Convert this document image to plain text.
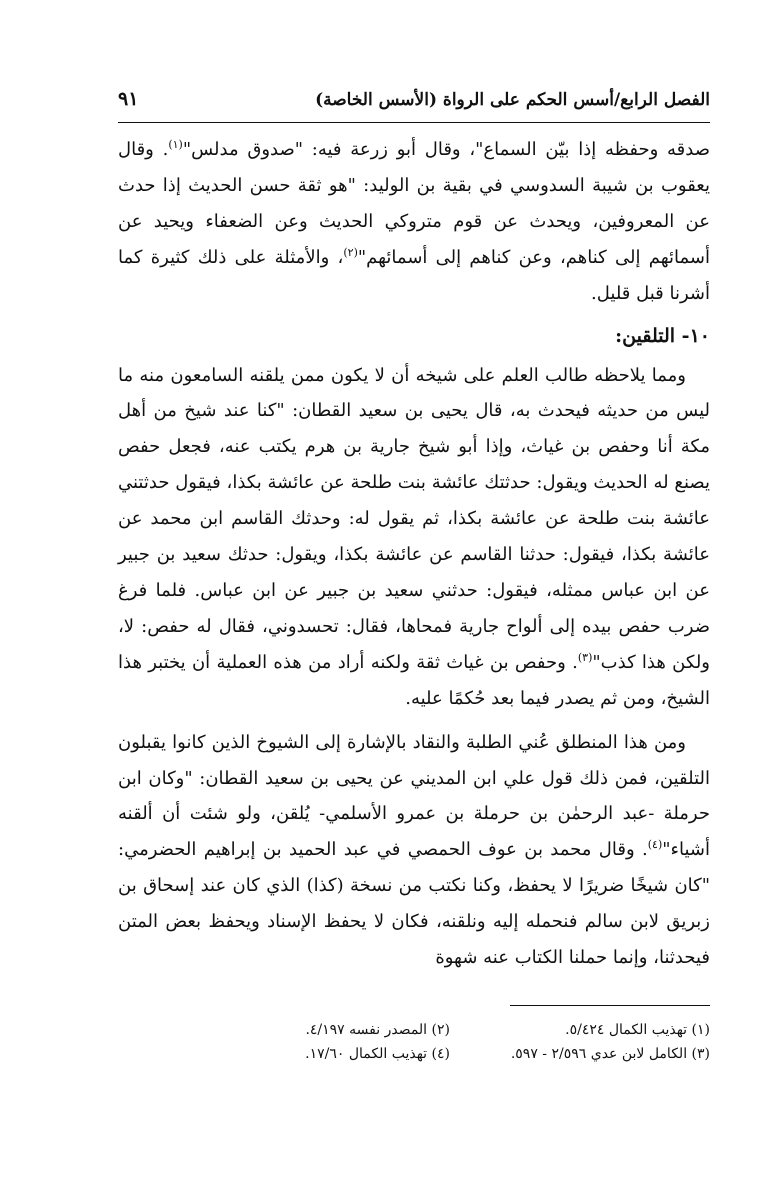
الفصل الرابع/أسس الحكم على الرواة (الأسس الخاصة)
٩١

صدقه وحفظه إذا بيّن السماع"، وقال أبو زرعة فيه: "صدوق مدلس"$^{(١)}$. وقال يعقوب بن شيبة السدوسي في بقية بن الوليد: "هو ثقة حسن الحديث إذا حدث عن المعروفين، ويحدث عن قوم متروكي الحديث وعن الضعفاء ويحيد عن أسمائهم إلى كناهم، وعن كناهم إلى أسمائهم"$^{(٢)}$، والأمثلة على ذلك كثيرة كما أشرنا قبل قليل.

١٠- التلقين:

ومما يلاحظه طالب العلم على شيخه أن لا يكون ممن يلقنه السامعون منه ما ليس من حديثه فيحدث به، قال يحيى بن سعيد القطان: "كنا عند شيخ من أهل مكة أنا وحفص بن غياث، وإذا أبو شيخ جارية بن هرم يكتب عنه، فجعل حفص يصنع له الحديث ويقول: حدثتك عائشة بنت طلحة عن عائشة بكذا، فيقول حدثتني عائشة بنت طلحة عن عائشة بكذا، ثم يقول له: وحدثك القاسم ابن محمد عن عائشة بكذا، فيقول: حدثنا القاسم عن عائشة بكذا، ويقول: حدثك سعيد بن جبير عن ابن عباس ممثله، فيقول: حدثني سعيد بن جبير عن ابن عباس. فلما فرغ ضرب حفص بيده إلى ألواح جارية فمحاها، فقال: تحسدوني، فقال له حفص: لا، ولكن هذا كذب"$^{(٣)}$. وحفص بن غياث ثقة ولكنه أراد من هذه العملية أن يختبر هذا الشيخ، ومن ثم يصدر فيما بعد حُكمًا عليه.

ومن هذا المنطلق عُني الطلبة والنقاد بالإشارة إلى الشيوخ الذين كانوا يقبلون التلقين، فمن ذلك قول علي ابن المديني عن يحيى بن سعيد القطان: "وكان ابن حرملة -عبد الرحمٰن بن حرملة بن عمرو الأسلمي- يُلقن، ولو شئت أن ألقنه أشياء"$^{(٤)}$. وقال محمد بن عوف الحمصي في عبد الحميد بن إبراهيم الحضرمي: "كان شيخًا ضريرًا لا يحفظ، وكنا نكتب من نسخة (كذا) الذي كان عند إسحاق بن زبريق لابن سالم فنحمله إليه ونلقنه، فكان لا يحفظ الإسناد ويحفظ بعض المتن فيحدثنا، وإنما حملنا الكتاب عنه شهوة

(١) تهذيب الكمال ٥/٤٢٤.
(٢) المصدر نفسه ٤/١٩٧.
(٣) الكامل لابن عدي ٢/٥٩٦ - ٥٩٧.
(٤) تهذيب الكمال ١٧/٦٠.
